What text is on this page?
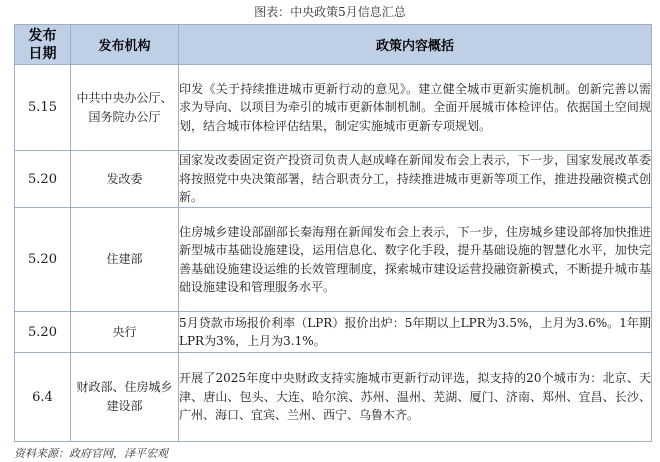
图表：中央政策5月信息汇总
发布
日期	发布机构	政策内容概括
5.15	中共中央办公厅、国务院办公厅	印发《关于持续推进城市更新行动的意见》。建立健全城市更新实施机制。创新完善以需求为导向、以项目为牵引的城市更新体制机制。全面开展城市体检评估。依据国土空间规划，结合城市体检评估结果，制定实施城市更新专项规划。
5.20	发改委	国家发改委固定资产投资司负责人赵成峰在新闻发布会上表示，下一步，国家发展改革委将按照党中央决策部署，结合职责分工，持续推进城市更新等项工作，推进投融资模式创新。
5.20	住建部	住房城乡建设部副部长秦海翔在新闻发布会上表示，下一步，住房城乡建设部将加快推进新型城市基础设施建设，运用信息化、数字化手段，提升基础设施的智慧化水平，加快完善基础设施建设运维的长效管理制度，探索城市建设运营投融资新模式，不断提升城市基础设施建设和管理服务水平。
5.20	央行	5月贷款市场报价利率（LPR）报价出炉：5年期以上LPR为3.5%，上月为3.6%。1年期LPR为3%，上月为3.1%。
6.4	财政部、住房城乡建设部	开展了2025年度中央财政支持实施城市更新行动评选，拟支持的20个城市为：北京、天津、唐山、包头、大连、哈尔滨、苏州、温州、芜湖、厦门、济南、郑州、宜昌、长沙、广州、海口、宜宾、兰州、西宁、乌鲁木齐。
资料来源：政府官网，泽平宏观
